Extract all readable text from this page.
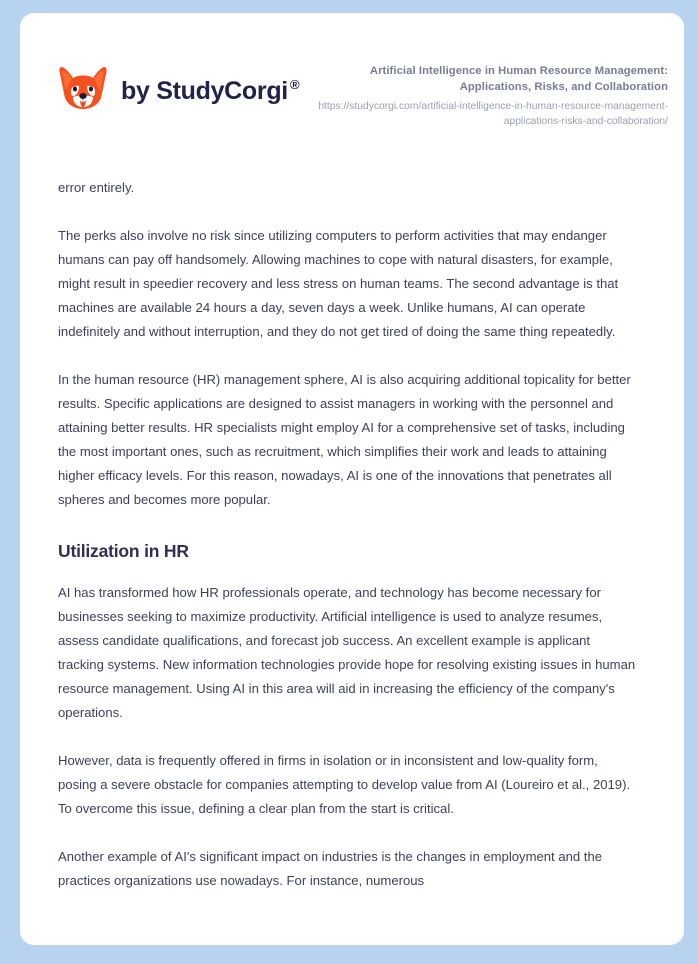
by StudyCorgi ®

Artificial Intelligence in Human Resource Management: Applications, Risks, and Collaboration

https://studycorgi.com/artificial-intelligence-in-human-resource-management-applications-risks-and-collaboration/

error entirely.

The perks also involve no risk since utilizing computers to perform activities that may endanger humans can pay off handsomely. Allowing machines to cope with natural disasters, for example, might result in speedier recovery and less stress on human teams. The second advantage is that machines are available 24 hours a day, seven days a week. Unlike humans, AI can operate indefinitely and without interruption, and they do not get tired of doing the same thing repeatedly.

In the human resource (HR) management sphere, AI is also acquiring additional topicality for better results. Specific applications are designed to assist managers in working with the personnel and attaining better results. HR specialists might employ AI for a comprehensive set of tasks, including the most important ones, such as recruitment, which simplifies their work and leads to attaining higher efficacy levels. For this reason, nowadays, AI is one of the innovations that penetrates all spheres and becomes more popular.

Utilization in HR

AI has transformed how HR professionals operate, and technology has become necessary for businesses seeking to maximize productivity. Artificial intelligence is used to analyze resumes, assess candidate qualifications, and forecast job success. An excellent example is applicant tracking systems. New information technologies provide hope for resolving existing issues in human resource management. Using AI in this area will aid in increasing the efficiency of the company's operations.

However, data is frequently offered in firms in isolation or in inconsistent and low-quality form, posing a severe obstacle for companies attempting to develop value from AI (Loureiro et al., 2019). To overcome this issue, defining a clear plan from the start is critical.

Another example of AI's significant impact on industries is the changes in employment and the practices organizations use nowadays. For instance, numerous
